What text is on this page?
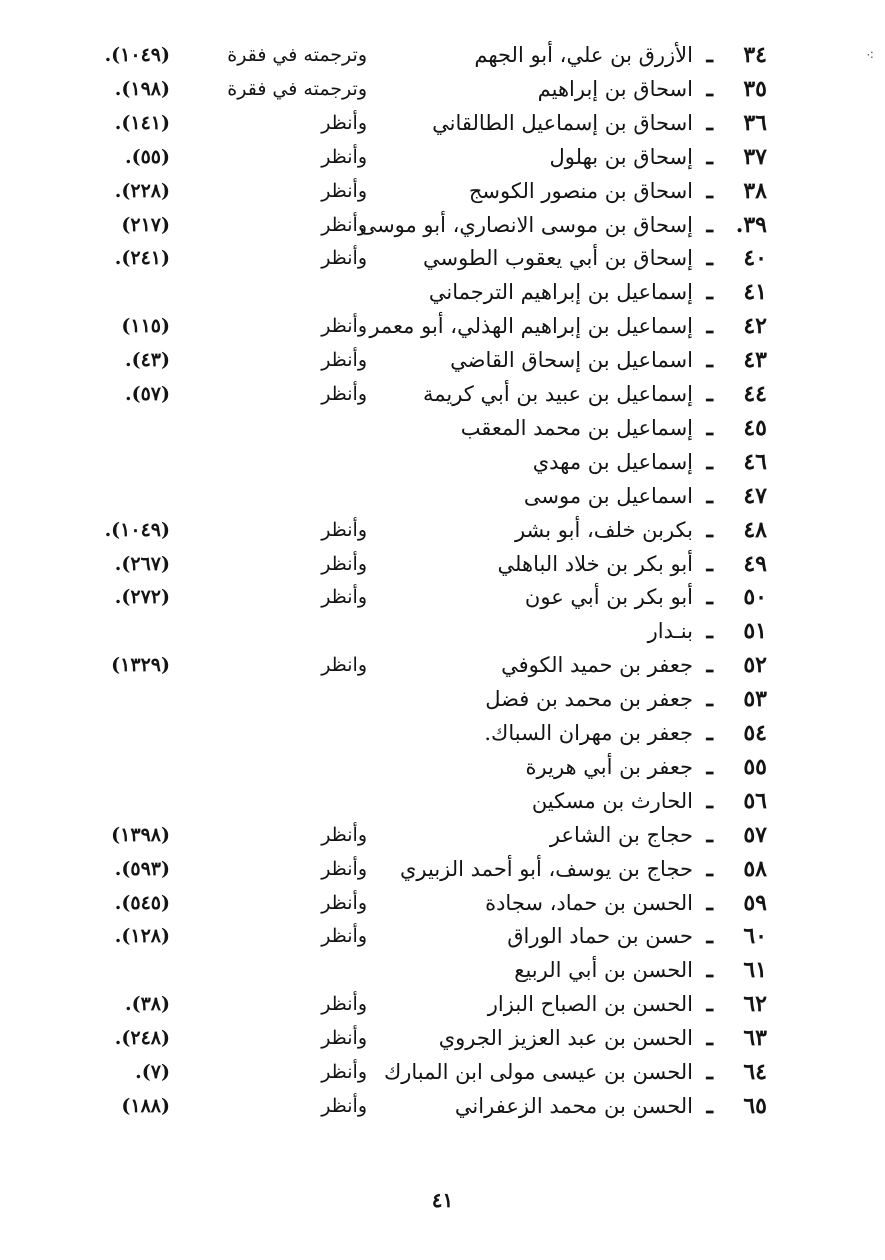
⁖
٣٤
ـ
الأزرق بن علي، أبو الجهم
وترجمته في فقرة
(١٠٤٩).
٣٥
ـ
اسحاق بن إبراهيم
وترجمته في فقرة
(١٩٨).
٣٦
ـ
اسحاق بن إسماعيل الطالقاني
وأنظر
(١٤١).
٣٧
ـ
إسحاق بن بهلول
وأنظر
(٥٥).
٣٨
ـ
اسحاق بن منصور الكوسج
وأنظر
(٢٢٨).
٣٩.
ـ
إسحاق بن موسى الانصاري، أبو موسى
وأنظر
(٢١٧)
٤٠
ـ
إسحاق بن أبي يعقوب الطوسي
وأنظر
(٢٤١).
٤١
ـ
إسماعيل بن إبراهيم الترجماني
٤٢
ـ
إسماعيل بن إبراهيم الهذلي، أبو معمر
وأنظر
(١١٥)
٤٣
ـ
اسماعيل بن إسحاق القاضي
وأنظر
(٤٣).
٤٤
ـ
إسماعيل بن عبيد بن أبي كريمة
وأنظر
(٥٧).
٤٥
ـ
إسماعيل بن محمد المعقب
٤٦
ـ
إسماعيل بن مهدي
٤٧
ـ
اسماعيل بن موسى
٤٨
ـ
بكربن خلف، أبو بشر
وأنظر
(١٠٤٩).
٤٩
ـ
أبو بكر بن خلاد الباهلي
وأنظر
(٢٦٧).
٥٠
ـ
أبو بكر بن أبي عون
وأنظر
(٢٧٢).
٥١
ـ
بنـدار
٥٢
ـ
جعفر بن حميد الكوفي
وانظر
(١٣٢٩)
٥٣
ـ
جعفر بن محمد بن فضل
٥٤
ـ
جعفر بن مهران السباك.
٥٥
ـ
جعفر بن أبي هريرة
٥٦
ـ
الحارث بن مسكين
٥٧
ـ
حجاج بن الشاعر
وأنظر
(١٣٩٨)
٥٨
ـ
حجاج بن يوسف، أبو أحمد الزبيري
وأنظر
(٥٩٣).
٥٩
ـ
الحسن بن حماد، سجادة
وأنظر
(٥٤٥).
٦٠
ـ
حسن بن حماد الوراق
وأنظر
(١٢٨).
٦١
ـ
الحسن بن أبي الربيع
٦٢
ـ
الحسن بن الصباح البزار
وأنظر
(٣٨).
٦٣
ـ
الحسن بن عبد العزيز الجروي
وأنظر
(٢٤٨).
٦٤
ـ
الحسن بن عيسى مولى ابن المبارك
وأنظر
(٧).
٦٥
ـ
الحسن بن محمد الزعفراني
وأنظر
(١٨٨)
٤١
